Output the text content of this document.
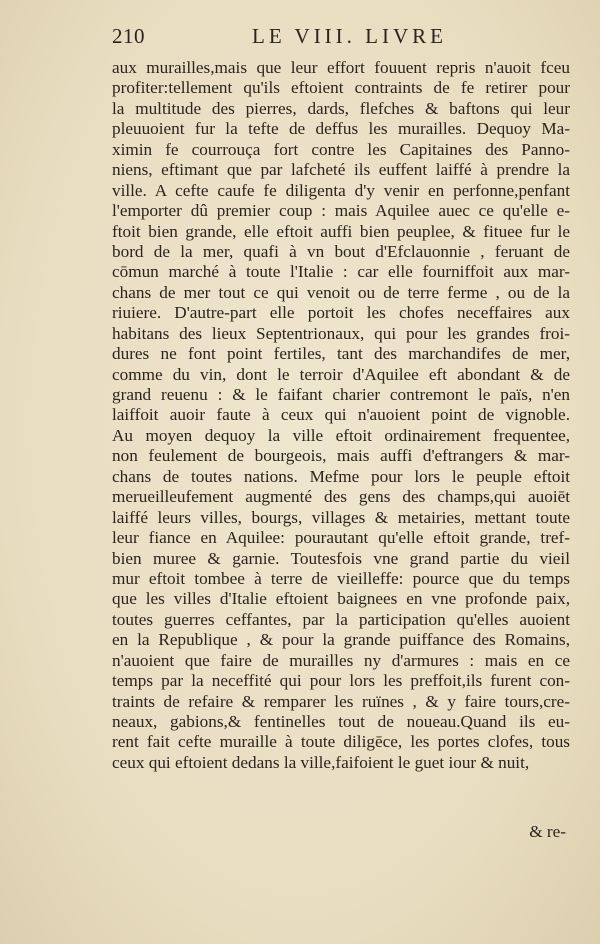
210	LE VIII. LIVRE
aux murailles,mais que leur effort fouuent repris n'auoit fceu
profiter:tellement qu'ils eftoient contraints de fe retirer pour
la multitude des pierres, dards, flefches & baftons qui leur
pleuuoient fur la tefte de deffus les murailles. Dequoy Ma-
ximin fe courrouça fort contre les Capitaines des Panno-
niens, eftimant que par lafcheté ils euffent laiffé à prendre la
ville. A cefte caufe fe diligenta d'y venir en perfonne,penfant
l'emporter dû premier coup : mais Aquilee auec ce qu'elle e-
ftoit bien grande, elle eftoit auffi bien peuplee, & fituee fur le
bord de la mer, quafi à vn bout d'Efclauonnie , feruant de
cōmun marché à toute l'Italie : car elle fourniffoit aux mar-
chans de mer tout ce qui venoit ou de terre ferme , ou de la
riuiere. D'autre-part elle portoit les chofes neceffaires aux
habitans des lieux Septentrionaux, qui pour les grandes froi-
dures ne font point fertiles, tant des marchandifes de mer,
comme du vin, dont le terroir d'Aquilee eft abondant & de
grand reuenu : & le faifant charier contremont le païs, n'en
laiffoit auoir faute à ceux qui n'auoient point de vignoble.
Au moyen dequoy la ville eftoit ordinairement frequentee,
non feulement de bourgeois, mais auffi d'eftrangers & mar-
chans de toutes nations. Mefme pour lors le peuple eftoit
merueilleufement augmenté des gens des champs,qui auoiēt
laiffé leurs villes, bourgs, villages & metairies, mettant toute
leur fiance en Aquilee: pourautant qu'elle eftoit grande, tref-
bien muree & garnie. Toutesfois vne grand partie du vieil
mur eftoit tombee à terre de vieilleffe: pource que du temps
que les villes d'Italie eftoient baignees en vne profonde paix,
toutes guerres ceffantes, par la participation qu'elles auoient
en la Republique , & pour la grande puiffance des Romains,
n'auoient que faire de murailles ny d'armures : mais en ce
temps par la neceffité qui pour lors les preffoit,ils furent con-
traints de refaire & remparer les ruïnes , & y faire tours,cre-
neaux, gabions,& fentinelles tout de noueau.Quand ils eu-
rent fait cefte muraille à toute diligēce, les portes clofes, tous
ceux qui eftoient dedans la ville,faifoient le guet iour & nuit,
& re-
